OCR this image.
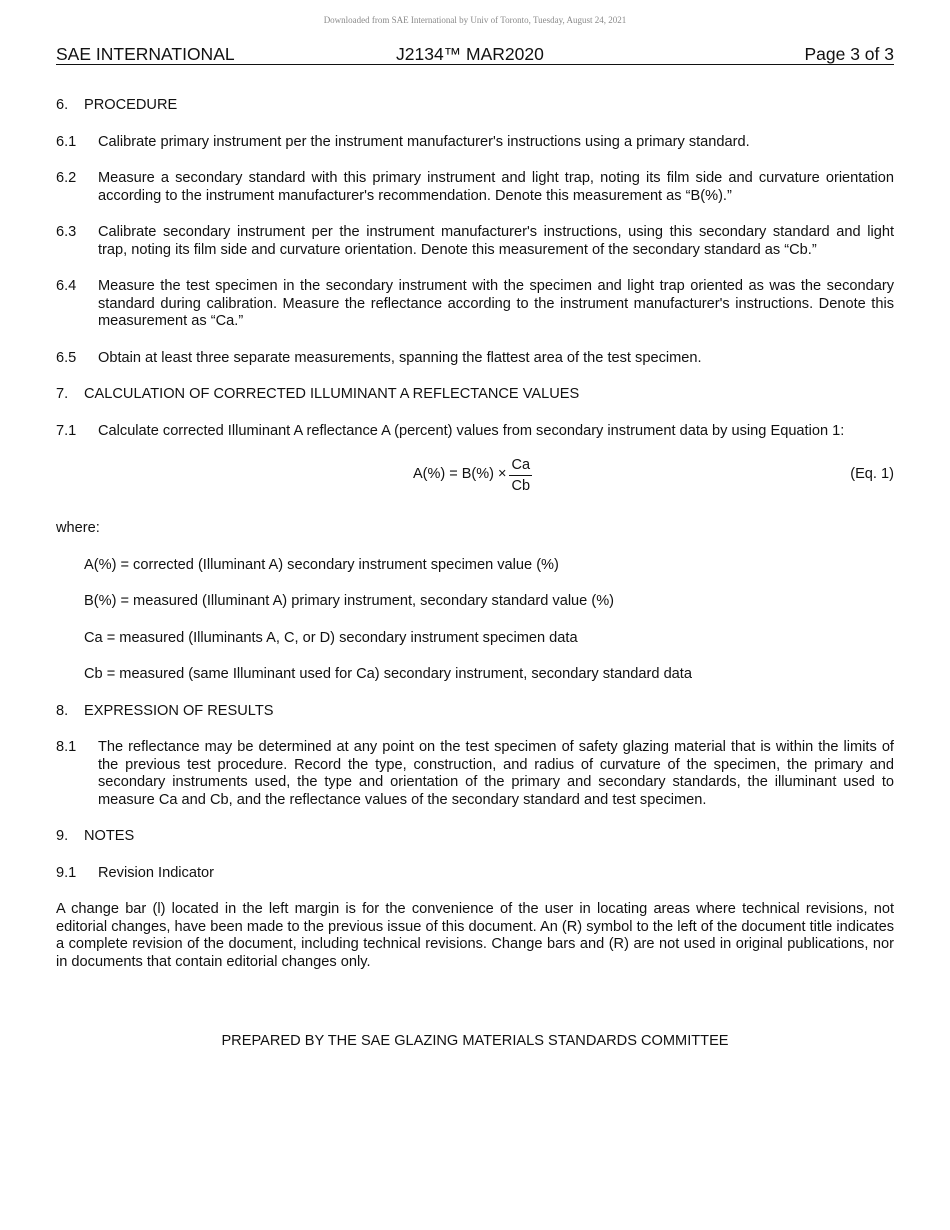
Downloaded from SAE International by Univ of Toronto, Tuesday, August 24, 2021
SAE INTERNATIONAL	J2134™ MAR2020	Page 3 of 3
6.	PROCEDURE
6.1	Calibrate primary instrument per the instrument manufacturer's instructions using a primary standard.
6.2	Measure a secondary standard with this primary instrument and light trap, noting its film side and curvature orientation according to the instrument manufacturer's recommendation. Denote this measurement as “B(%).”
6.3	Calibrate secondary instrument per the instrument manufacturer's instructions, using this secondary standard and light trap, noting its film side and curvature orientation. Denote this measurement of the secondary standard as “Cb.”
6.4	Measure the test specimen in the secondary instrument with the specimen and light trap oriented as was the secondary standard during calibration. Measure the reflectance according to the instrument manufacturer's instructions. Denote this measurement as “Ca.”
6.5	Obtain at least three separate measurements, spanning the flattest area of the test specimen.
7.	CALCULATION OF CORRECTED ILLUMINANT A REFLECTANCE VALUES
7.1	Calculate corrected Illuminant A reflectance A (percent) values from secondary instrument data by using Equation 1:
$A(\%) = B(\%) \times \frac{Ca}{Cb}$	(Eq. 1)
where:
A(%) = corrected (Illuminant A) secondary instrument specimen value (%)
B(%) = measured (Illuminant A) primary instrument, secondary standard value (%)
Ca = measured (Illuminants A, C, or D) secondary instrument specimen data
Cb = measured (same Illuminant used for Ca) secondary instrument, secondary standard data
8.	EXPRESSION OF RESULTS
8.1	The reflectance may be determined at any point on the test specimen of safety glazing material that is within the limits of the previous test procedure. Record the type, construction, and radius of curvature of the specimen, the primary and secondary instruments used, the type and orientation of the primary and secondary standards, the illuminant used to measure Ca and Cb, and the reflectance values of the secondary standard and test specimen.
9.	NOTES
9.1	Revision Indicator
A change bar (l) located in the left margin is for the convenience of the user in locating areas where technical revisions, not editorial changes, have been made to the previous issue of this document. An (R) symbol to the left of the document title indicates a complete revision of the document, including technical revisions. Change bars and (R) are not used in original publications, nor in documents that contain editorial changes only.
PREPARED BY THE SAE GLAZING MATERIALS STANDARDS COMMITTEE
